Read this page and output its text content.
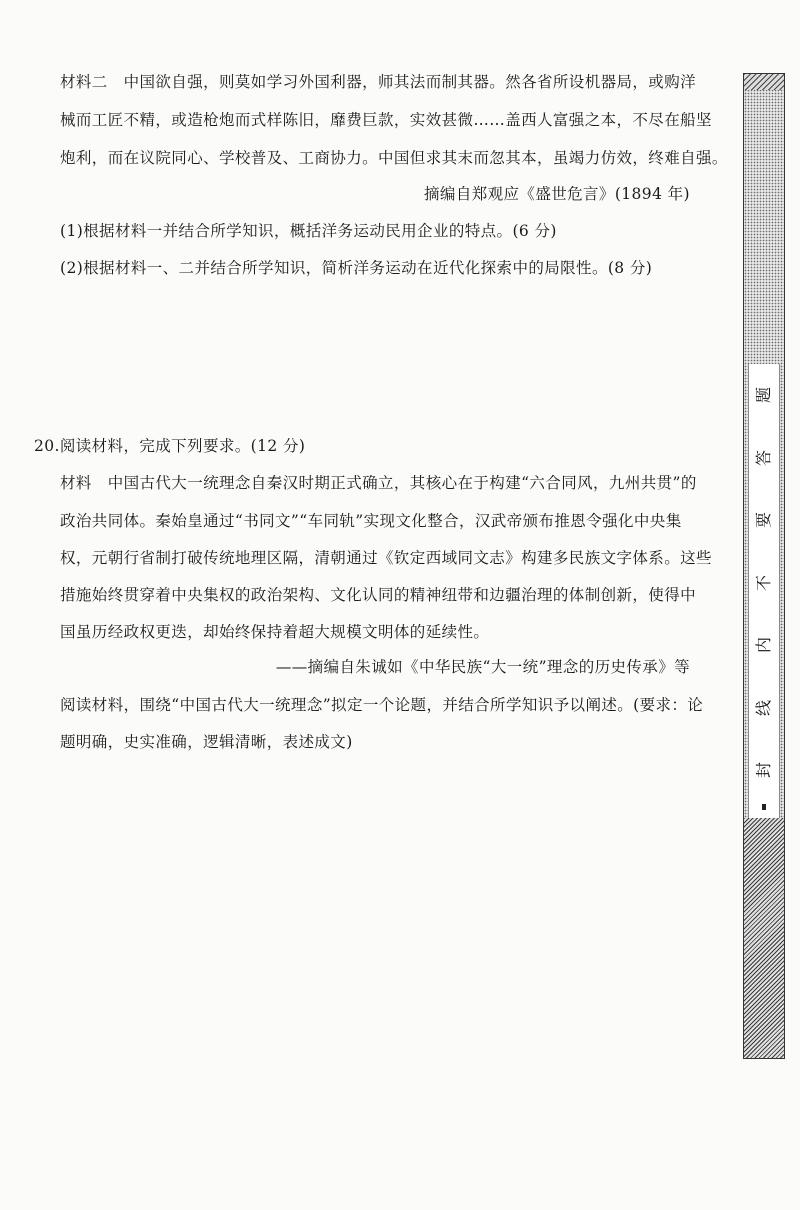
材料二　中国欲自强，则莫如学习外国利器，师其法而制其器。然各省所设机器局，或购洋
械而工匠不精，或造枪炮而式样陈旧，靡费巨款，实效甚微……盖西人富强之本，不尽在船坚
炮利，而在议院同心、学校普及、工商协力。中国但求其末而忽其本，虽竭力仿效，终难自强。
摘编自郑观应《盛世危言》(1894 年)
(1)根据材料一并结合所学知识，概括洋务运动民用企业的特点。(6 分)
(2)根据材料一、二并结合所学知识，简析洋务运动在近代化探索中的局限性。(8 分)
20.阅读材料，完成下列要求。(12 分)
材料　中国古代大一统理念自秦汉时期正式确立，其核心在于构建“六合同风，九州共贯”的
政治共同体。秦始皇通过“书同文”“车同轨”实现文化整合，汉武帝颁布推恩令强化中央集
权，元朝行省制打破传统地理区隔，清朝通过《钦定西域同文志》构建多民族文字体系。这些
措施始终贯穿着中央集权的政治架构、文化认同的精神纽带和边疆治理的体制创新，使得中
国虽历经政权更迭，却始终保持着超大规模文明体的延续性。
——摘编自朱诚如《中华民族“大一统”理念的历史传承》等
阅读材料，围绕“中国古代大一统理念”拟定一个论题，并结合所学知识予以阐述。(要求：论
题明确，史实准确，逻辑清晰，表述成文)
题
答
要
不
内
线
封
